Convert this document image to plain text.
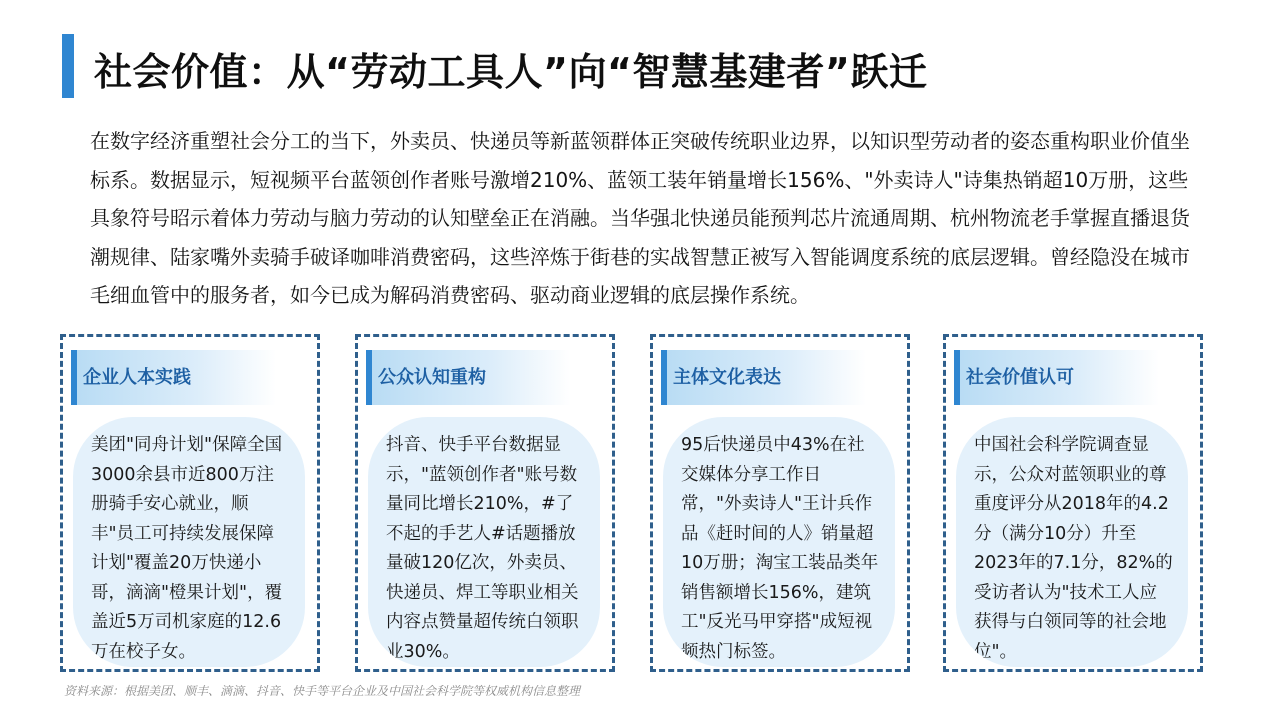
社会价值：从“劳动工具人”向“智慧基建者”跃迁
在数字经济重塑社会分工的当下，外卖员、快递员等新蓝领群体正突破传统职业边界，以知识型劳动者的姿态重构职业价值坐标系。数据显示，短视频平台蓝领创作者账号激增210%、蓝领工装年销量增长156%、"外卖诗人"诗集热销超10万册，这些具象符号昭示着体力劳动与脑力劳动的认知壁垒正在消融。当华强北快递员能预判芯片流通周期、杭州物流老手掌握直播退货潮规律、陆家嘴外卖骑手破译咖啡消费密码，这些淬炼于街巷的实战智慧正被写入智能调度系统的底层逻辑。曾经隐没在城市毛细血管中的服务者，如今已成为解码消费密码、驱动商业逻辑的底层操作系统。
企业人本实践
美团"同舟计划"保障全国3000余县市近800万注册骑手安心就业，顺丰"员工可持续发展保障计划"覆盖20万快递小哥，滴滴"橙果计划"，覆盖近5万司机家庭的12.6万在校子女。
公众认知重构
抖音、快手平台数据显示，"蓝领创作者"账号数量同比增长210%，#了不起的手艺人#话题播放量破120亿次，外卖员、快递员、焊工等职业相关内容点赞量超传统白领职业30%。
主体文化表达
95后快递员中43%在社交媒体分享工作日常，"外卖诗人"王计兵作品《赶时间的人》销量超10万册；淘宝工装品类年销售额增长156%，建筑工"反光马甲穿搭"成短视频热门标签。
社会价值认可
中国社会科学院调查显示，公众对蓝领职业的尊重度评分从2018年的4.2分（满分10分）升至2023年的7.1分，82%的受访者认为"技术工人应获得与白领同等的社会地位"。
资料来源：根据美团、顺丰、滴滴、抖音、快手等平台企业及中国社会科学院等权威机构信息整理
